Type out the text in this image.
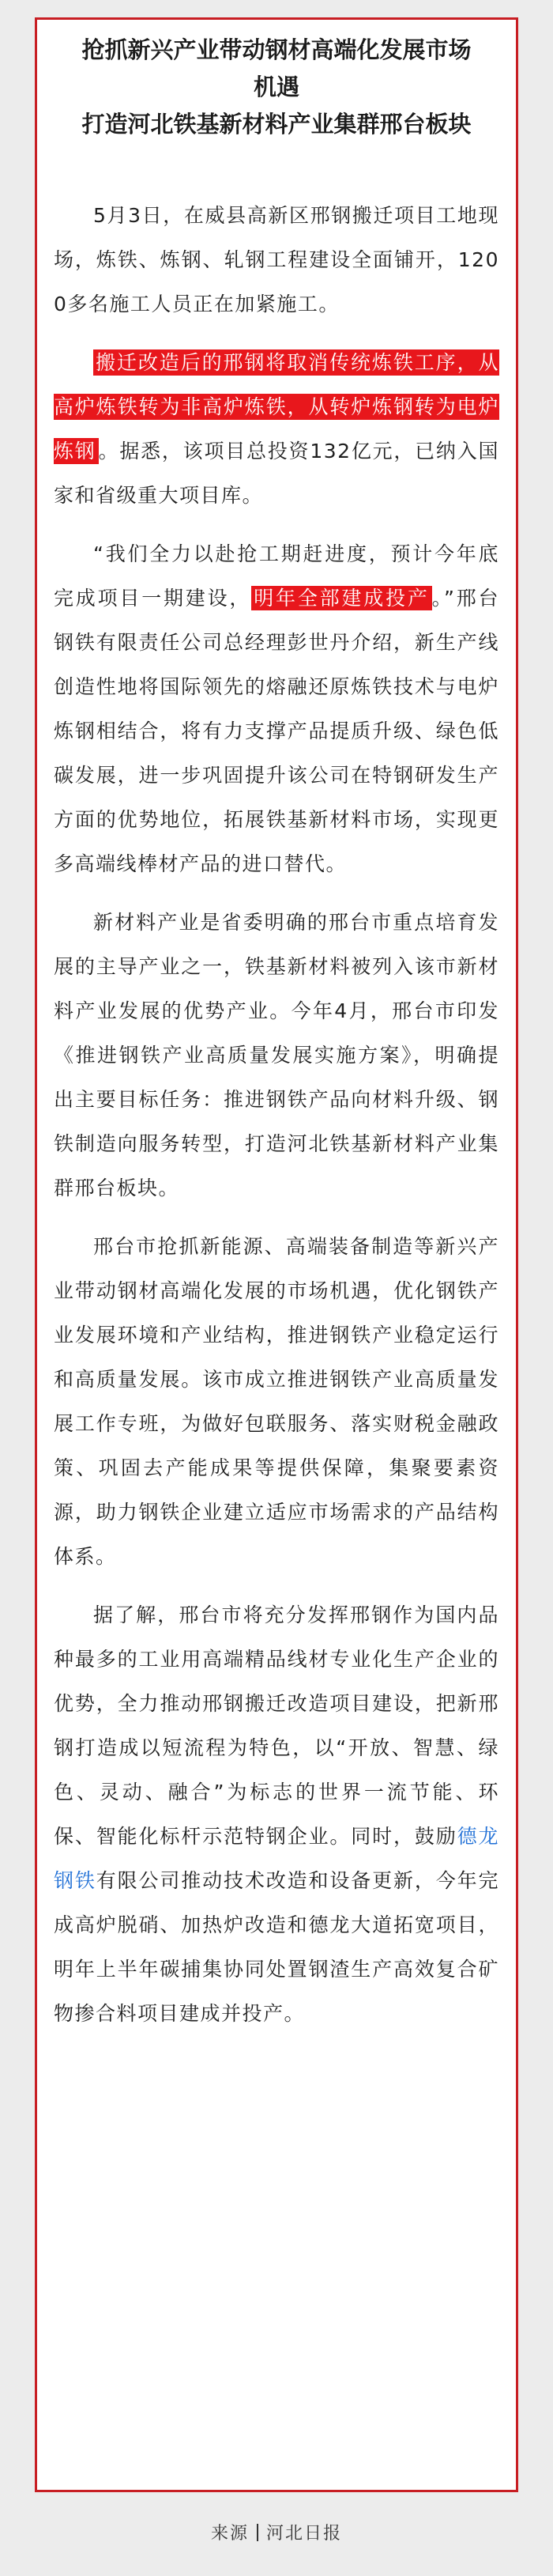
抢抓新兴产业带动钢材高端化发展市场

机遇

打造河北铁基新材料产业集群邢台板块

5月3日，在威县高新区邢钢搬迁项目工地现场，炼铁、炼钢、轧钢工程建设全面铺开，1200多名施工人员正在加紧施工。

搬迁改造后的邢钢将取消传统炼铁工序，从高炉炼铁转为非高炉炼铁，从转炉炼钢转为电炉炼钢 。据悉，该项目总投资132亿元，已纳入国家和省级重大项目库。

“我们全力以赴抢工期赶进度，预计今年底完成项目一期建设， 明年全部建成投产 。”邢台钢铁有限责任公司总经理彭世丹介绍，新生产线创造性地将国际领先的熔融还原炼铁技术与电炉炼钢相结合，将有力支撑产品提质升级、绿色低碳发展，进一步巩固提升该公司在特钢研发生产方面的优势地位，拓展铁基新材料市场，实现更多高端线棒材产品的进口替代。

新材料产业是省委明确的邢台市重点培育发展的主导产业之一，铁基新材料被列入该市新材料产业发展的优势产业。今年4月，邢台市印发《推进钢铁产业高质量发展实施方案》，明确提出主要目标任务：推进钢铁产品向材料升级、钢铁制造向服务转型，打造河北铁基新材料产业集群邢台板块。

邢台市抢抓新能源、高端装备制造等新兴产业带动钢材高端化发展的市场机遇，优化钢铁产业发展环境和产业结构，推进钢铁产业稳定运行和高质量发展。该市成立推进钢铁产业高质量发展工作专班，为做好包联服务、落实财税金融政策、巩固去产能成果等提供保障，集聚要素资源，助力钢铁企业建立适应市场需求的产品结构体系。

据了解，邢台市将充分发挥邢钢作为国内品种最多的工业用高端精品线材专业化生产企业的优势，全力推动邢钢搬迁改造项目建设，把新邢钢打造成以短流程为特色，以“开放、智慧、绿色、灵动、融合”为标志的世界一流节能、环保、智能化标杆示范特钢企业。同时，鼓励德龙钢铁有限公司推动技术改造和设备更新，今年完成高炉脱硝、加热炉改造和德龙大道拓宽项目，明年上半年碳捕集协同处置钢渣生产高效复合矿物掺合料项目建成并投产。

来源 河北日报
